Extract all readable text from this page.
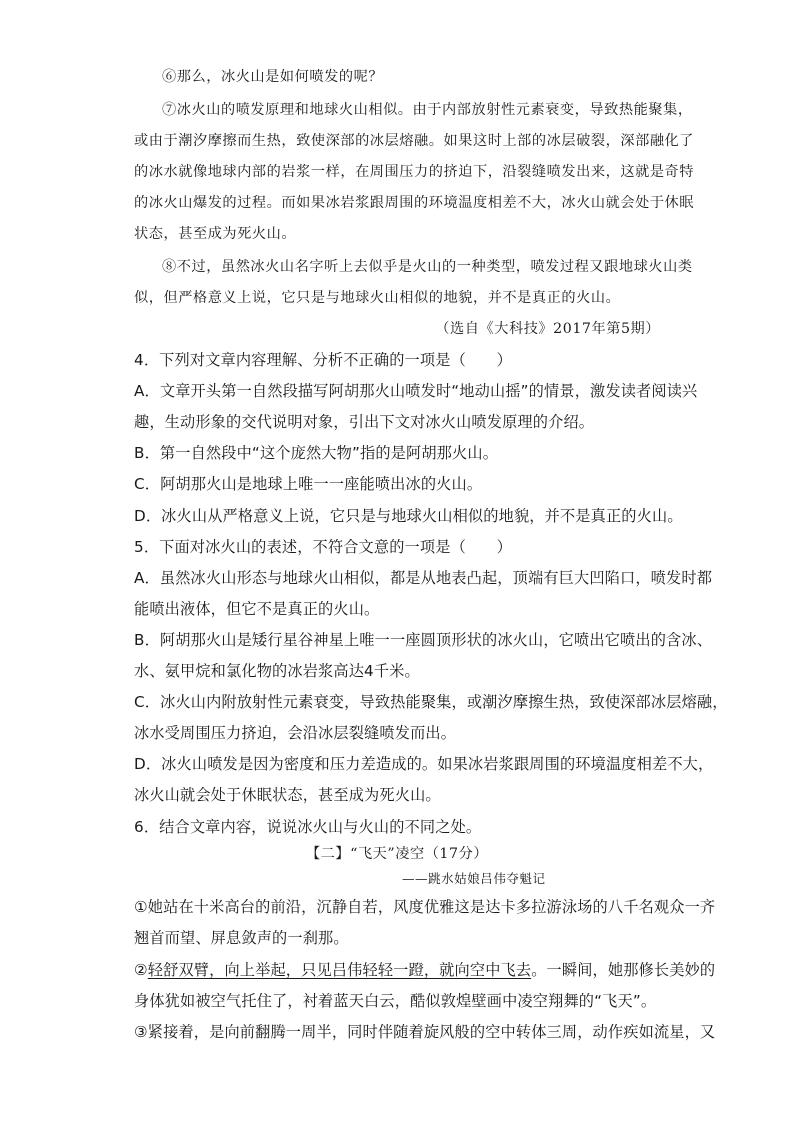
⑥那么，冰火山是如何喷发的呢？
⑦冰火山的喷发原理和地球火山相似。由于内部放射性元素衰变，导致热能聚集，
或由于潮汐摩擦而生热，致使深部的冰层熔融。如果这时上部的冰层破裂，深部融化了
的冰水就像地球内部的岩浆一样，在周围压力的挤迫下，沿裂缝喷发出来，这就是奇特
的冰火山爆发的过程。而如果冰岩浆跟周围的环境温度相差不大，冰火山就会处于休眠
状态，甚至成为死火山。
⑧不过，虽然冰火山名字听上去似乎是火山的一种类型，喷发过程又跟地球火山类
似，但严格意义上说，它只是与地球火山相似的地貌，并不是真正的火山。
（选自《大科技》2017年第5期）
4．下列对文章内容理解、分析不正确的一项是（　　）
A．文章开头第一自然段描写阿胡那火山喷发时“地动山摇”的情景，激发读者阅读兴
趣，生动形象的交代说明对象，引出下文对冰火山喷发原理的介绍。
B．第一自然段中“这个庞然大物”指的是阿胡那火山。
C．阿胡那火山是地球上唯一一座能喷出冰的火山。
D．冰火山从严格意义上说，它只是与地球火山相似的地貌，并不是真正的火山。
5．下面对冰火山的表述，不符合文意的一项是（　　）
A．虽然冰火山形态与地球火山相似，都是从地表凸起，顶端有巨大凹陷口，喷发时都
能喷出液体，但它不是真正的火山。
B．阿胡那火山是矮行星谷神星上唯一一座圆顶形状的冰火山，它喷出它喷出的含冰、
水、氨甲烷和氯化物的冰岩浆高达4千米。
C．冰火山内附放射性元素衰变，导致热能聚集，或潮汐摩擦生热，致使深部冰层熔融，
冰水受周围压力挤迫，会沿冰层裂缝喷发而出。
D．冰火山喷发是因为密度和压力差造成的。如果冰岩浆跟周围的环境温度相差不大，
冰火山就会处于休眠状态，甚至成为死火山。
6．结合文章内容，说说冰火山与火山的不同之处。
【二】“飞天”凌空（17分）
——跳水姑娘吕伟夺魁记
①她站在十米高台的前沿，沉静自若，风度优雅这是达卡多拉游泳场的八千名观众一齐
翘首而望、屏息敛声的一刹那。
②轻舒双臂，向上举起，只见吕伟轻轻一蹬，就向空中飞去。一瞬间，她那修长美妙的
身体犹如被空气托住了，衬着蓝天白云，酷似敦煌壁画中凌空翔舞的“飞天”。
③紧接着，是向前翻腾一周半，同时伴随着旋风般的空中转体三周，动作疾如流星，又
